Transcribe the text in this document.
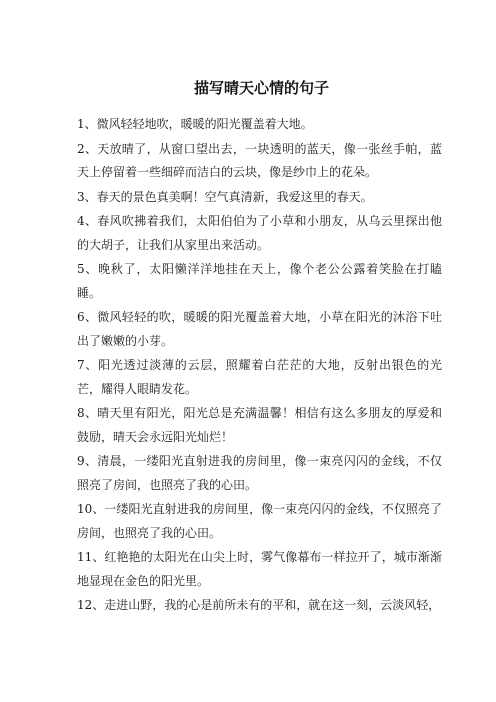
描写晴天心情的句子
1、微风轻轻地吹，暖暖的阳光覆盖着大地。
2、天放晴了，从窗口望出去，一块透明的蓝天，像一张丝手帕，蓝天上停留着一些细碎而洁白的云块，像是纱巾上的花朵。
3、春天的景色真美啊！空气真清新，我爱这里的春天。
4、春风吹拂着我们，太阳伯伯为了小草和小朋友，从乌云里探出他的大胡子，让我们从家里出来活动。
5、晚秋了，太阳懒洋洋地挂在天上，像个老公公露着笑脸在打瞌睡。
6、微风轻轻的吹，暖暖的阳光覆盖着大地，小草在阳光的沐浴下吐出了嫩嫩的小芽。
7、阳光透过淡薄的云层，照耀着白茫茫的大地，反射出银色的光芒，耀得人眼睛发花。
8、晴天里有阳光，阳光总是充满温馨！相信有这么多朋友的厚爱和鼓励，晴天会永远阳光灿烂！
9、清晨，一缕阳光直射进我的房间里，像一束亮闪闪的金线，不仅照亮了房间，也照亮了我的心田。
10、一缕阳光直射进我的房间里，像一束亮闪闪的金线，不仅照亮了房间，也照亮了我的心田。
11、红艳艳的太阳光在山尖上时，雾气像幕布一样拉开了，城市渐渐地显现在金色的阳光里。
12、走进山野，我的心是前所未有的平和，就在这一刻，云淡风轻，
